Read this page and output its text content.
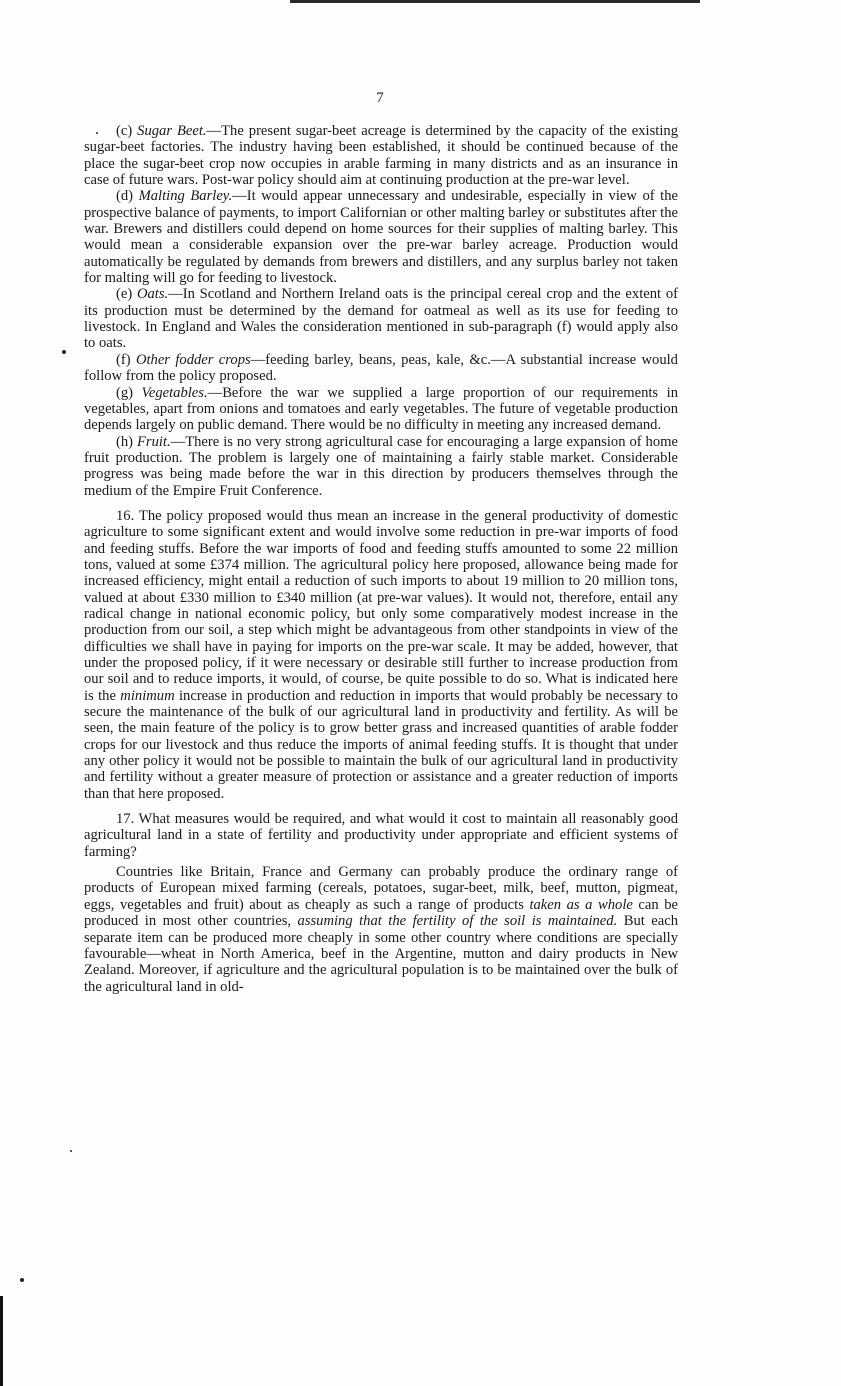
7

(c) Sugar Beet.—The present sugar-beet acreage is determined by the capacity of the existing sugar-beet factories. The industry having been established, it should be continued because of the place the sugar-beet crop now occupies in arable farming in many districts and as an insurance in case of future wars. Post-war policy should aim at continuing production at the pre-war level.

(d) Malting Barley.—It would appear unnecessary and undesirable, especially in view of the prospective balance of payments, to import Californian or other malting barley or substitutes after the war. Brewers and distillers could depend on home sources for their supplies of malting barley. This would mean a considerable expansion over the pre-war barley acreage. Production would automatically be regulated by demands from brewers and distillers, and any surplus barley not taken for malting will go for feeding to livestock.

(e) Oats.—In Scotland and Northern Ireland oats is the principal cereal crop and the extent of its production must be determined by the demand for oatmeal as well as its use for feeding to livestock. In England and Wales the consideration mentioned in sub-paragraph (f) would apply also to oats.

(f) Other fodder crops—feeding barley, beans, peas, kale, &c.—A substantial increase would follow from the policy proposed.

(g) Vegetables.—Before the war we supplied a large proportion of our requirements in vegetables, apart from onions and tomatoes and early vegetables. The future of vegetable production depends largely on public demand. There would be no difficulty in meeting any increased demand.

(h) Fruit.—There is no very strong agricultural case for encouraging a large expansion of home fruit production. The problem is largely one of maintaining a fairly stable market. Considerable progress was being made before the war in this direction by producers themselves through the medium of the Empire Fruit Conference.

16. The policy proposed would thus mean an increase in the general productivity of domestic agriculture to some significant extent and would involve some reduction in pre-war imports of food and feeding stuffs. Before the war imports of food and feeding stuffs amounted to some 22 million tons, valued at some £374 million. The agricultural policy here proposed, allowance being made for increased efficiency, might entail a reduction of such imports to about 19 million to 20 million tons, valued at about £330 million to £340 million (at pre-war values). It would not, therefore, entail any radical change in national economic policy, but only some comparatively modest increase in the production from our soil, a step which might be advantageous from other standpoints in view of the difficulties we shall have in paying for imports on the pre-war scale. It may be added, however, that under the proposed policy, if it were necessary or desirable still further to increase production from our soil and to reduce imports, it would, of course, be quite possible to do so. What is indicated here is the minimum increase in production and reduction in imports that would probably be necessary to secure the maintenance of the bulk of our agricultural land in productivity and fertility. As will be seen, the main feature of the policy is to grow better grass and increased quantities of arable fodder crops for our livestock and thus reduce the imports of animal feeding stuffs. It is thought that under any other policy it would not be possible to maintain the bulk of our agricultural land in productivity and fertility without a greater measure of protection or assistance and a greater reduction of imports than that here proposed.

17. What measures would be required, and what would it cost to maintain all reasonably good agricultural land in a state of fertility and productivity under appropriate and efficient systems of farming?

Countries like Britain, France and Germany can probably produce the ordinary range of products of European mixed farming (cereals, potatoes, sugar-beet, milk, beef, mutton, pigmeat, eggs, vegetables and fruit) about as cheaply as such a range of products taken as a whole can be produced in most other countries, assuming that the fertility of the soil is maintained. But each separate item can be produced more cheaply in some other country where conditions are specially favourable—wheat in North America, beef in the Argentine, mutton and dairy products in New Zealand. Moreover, if agriculture and the agricultural population is to be maintained over the bulk of the agricultural land in old-
